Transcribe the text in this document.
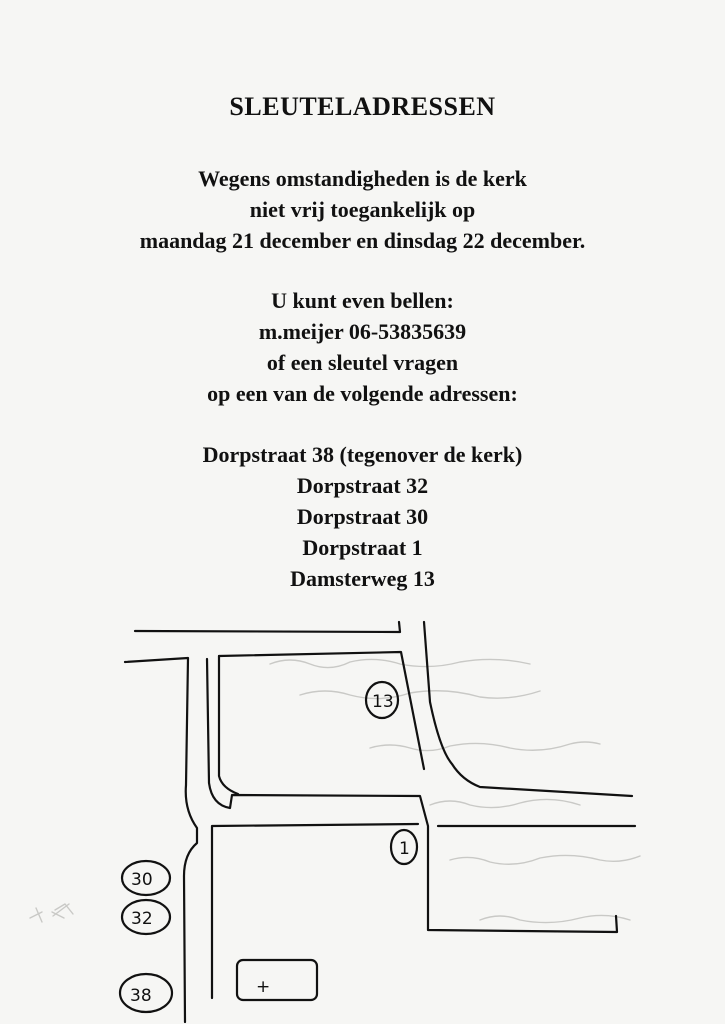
SLEUTELADRESSEN
Wegens omstandigheden is de kerk
niet vrij toegankelijk op
maandag 21 december en dinsdag 22 december.
U kunt even bellen:
m.meijer 06-53835639
of een sleutel vragen
op een van de volgende adressen:
Dorpstraat 38 (tegenover de kerk)
Dorpstraat 32
Dorpstraat 30
Dorpstraat 1
Damsterweg 13
+
13
1
30
32
38
